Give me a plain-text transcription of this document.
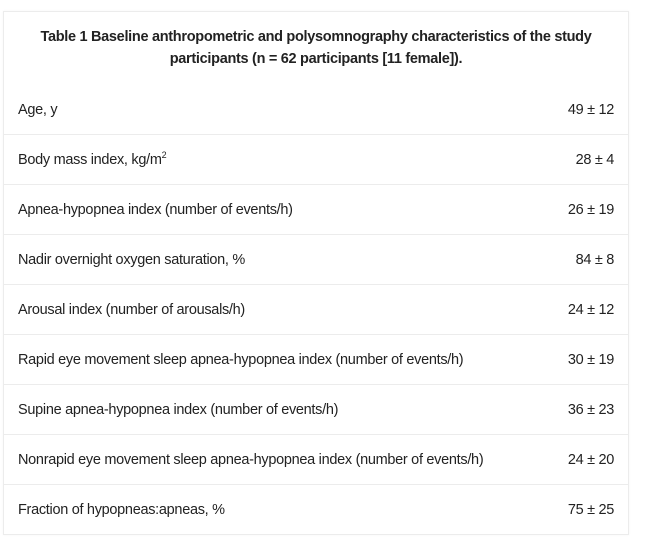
Table 1 Baseline anthropometric and polysomnography characteristics of the study
participants (n = 62 participants [11 female]).
Age, y	49 ± 12
Body mass index, $kg/m^2$	28 ± 4
Apnea-hypopnea index (number of events/h)	26 ± 19
Nadir overnight oxygen saturation, %	84 ± 8
Arousal index (number of arousals/h)	24 ± 12
Rapid eye movement sleep apnea-hypopnea index (number of events/h)	30 ± 19
Supine apnea-hypopnea index (number of events/h)	36 ± 23
Nonrapid eye movement sleep apnea-hypopnea index (number of events/h)	24 ± 20
Fraction of hypopneas:apneas, %	75 ± 25
